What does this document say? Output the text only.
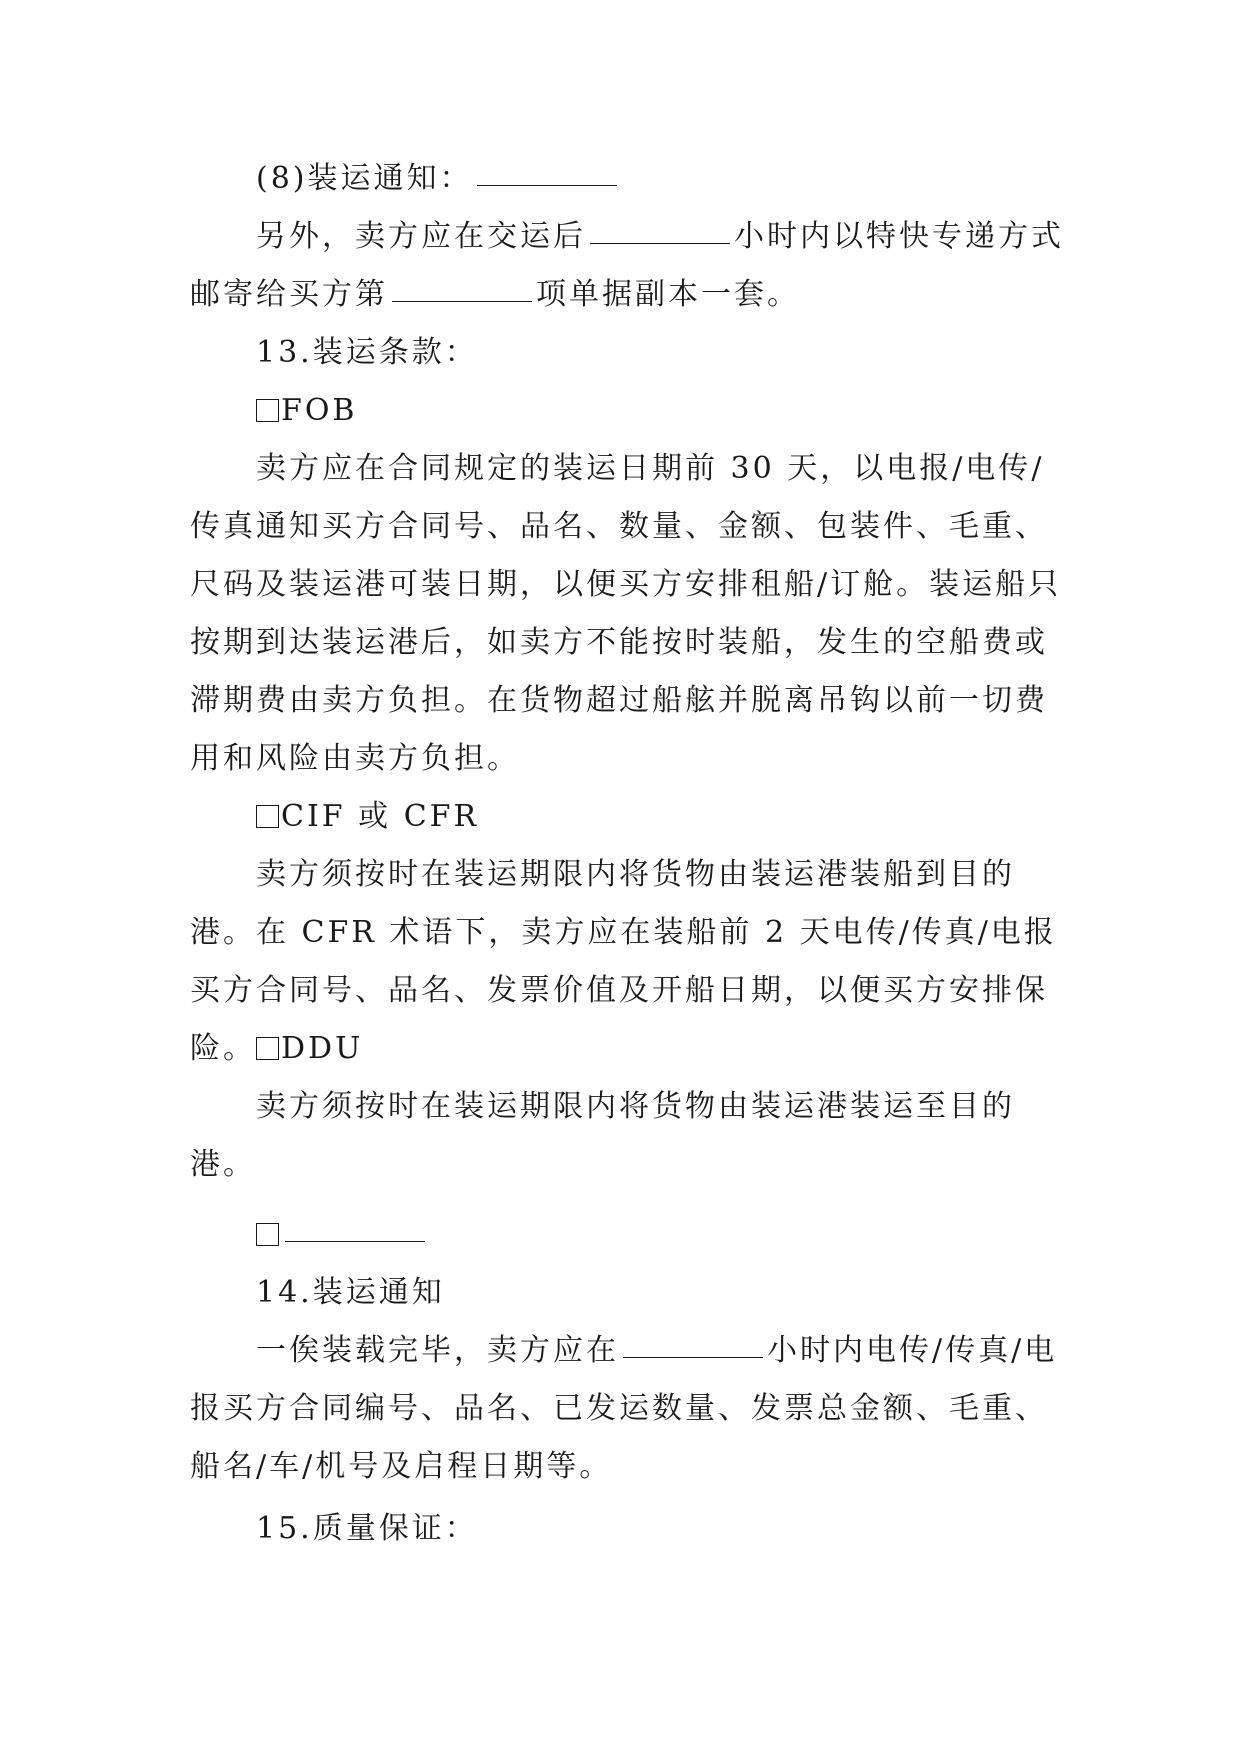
(8)装运通知：
另外，卖方应在交运后	小时内以特快专递方式邮寄给买方第	项单据副本一套。
13.装运条款：
FOB
卖方应在合同规定的装运日期前 30 天，以电报/电传/传真通知买方合同号、品名、数量、金额、包装件、毛重、尺码及装运港可装日期，以便买方安排租船/订舱。装运船只按期到达装运港后，如卖方不能按时装船，发生的空船费或滞期费由卖方负担。在货物超过船舷并脱离吊钩以前一切费用和风险由卖方负担。
CIF 或 CFR
卖方须按时在装运期限内将货物由装运港装船到目的港。在 CFR 术语下，卖方应在装船前 2 天电传/传真/电报买方合同号、品名、发票价值及开船日期，以便买方安排保险。 DDU
卖方须按时在装运期限内将货物由装运港装运至目的港。
14.装运通知
一俟装载完毕，卖方应在	小时内电传/传真/电报买方合同编号、品名、已发运数量、发票总金额、毛重、船名/车/机号及启程日期等。
15.质量保证：
